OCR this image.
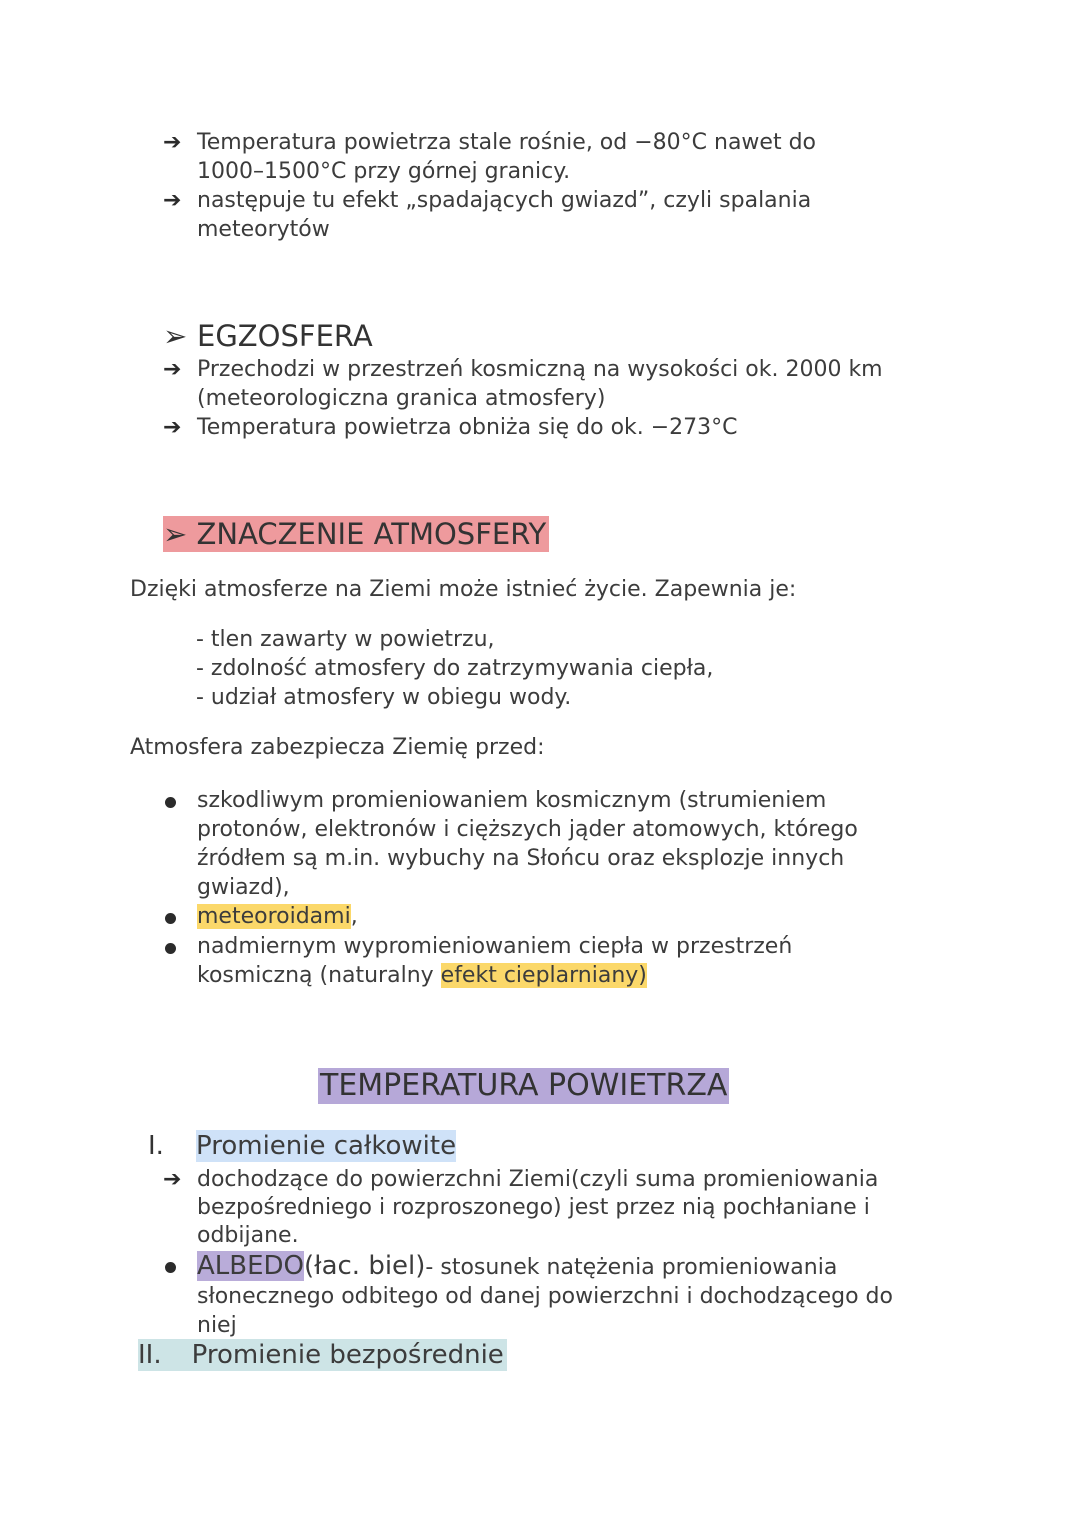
➔ Temperatura powietrza stale rośnie, od −80°C nawet do
1000–1500°C przy górnej granicy.
➔ następuje tu efekt „spadających gwiazd”, czyli spalania
meteorytów
➢ EGZOSFERA
➔ Przechodzi w przestrzeń kosmiczną na wysokości ok. 2000 km
(meteorologiczna granica atmosfery)
➔ Temperatura powietrza obniża się do ok. −273°C
➢ ZNACZENIE ATMOSFERY
Dzięki atmosferze na Ziemi może istnieć życie. Zapewnia je:
- tlen zawarty w powietrzu,
- zdolność atmosfery do zatrzymywania ciepła,
- udział atmosfery w obiegu wody.
Atmosfera zabezpiecza Ziemię przed:
szkodliwym promieniowaniem kosmicznym (strumieniem
protonów, elektronów i cięższych jąder atomowych, którego
źródłem są m.in. wybuchy na Słońcu oraz eksplozje innych
gwiazd),
meteoroidami,
nadmiernym wypromieniowaniem ciepła w przestrzeń
kosmiczną (naturalny efekt cieplarniany)
TEMPERATURA POWIETRZA
I. Promienie całkowite
➔ dochodzące do powierzchni Ziemi(czyli suma promieniowania
bezpośredniego i rozproszonego) jest przez nią pochłaniane i
odbijane.
ALBEDO(łac. biel)- stosunek natężenia promieniowania
słonecznego odbitego od danej powierzchni i dochodzącego do
niej
II. Promienie bezpośrednie
